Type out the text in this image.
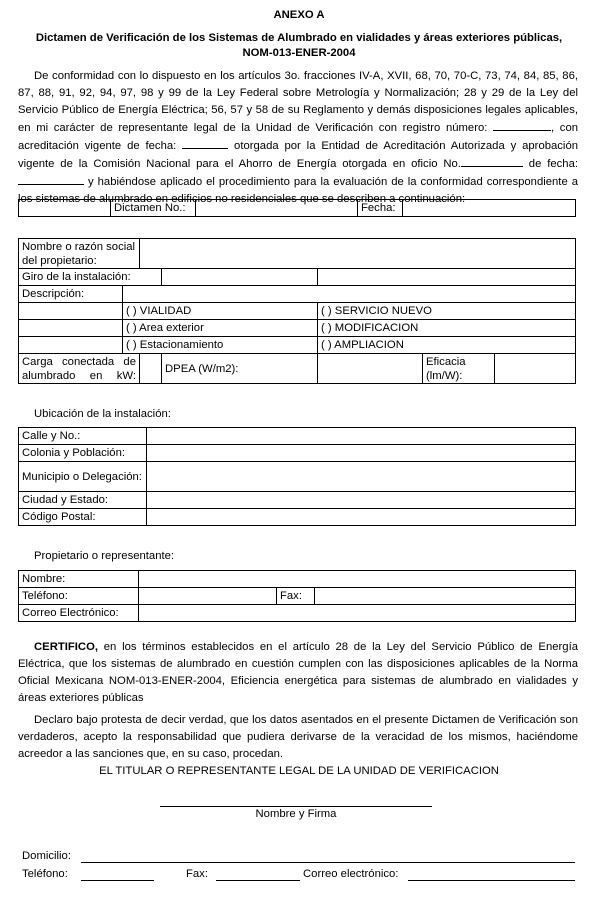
ANEXO A
Dictamen de Verificación de los Sistemas de Alumbrado en vialidades y áreas exteriores públicas,
NOM-013-ENER-2004
De conformidad con lo dispuesto en los artículos 3o. fracciones IV-A, XVII, 68, 70, 70-C, 73, 74, 84, 85, 86, 87, 88, 91, 92, 94, 97, 98 y 99 de la Ley Federal sobre Metrología y Normalización; 28 y 29 de la Ley del Servicio Público de Energía Eléctrica; 56, 57 y 58 de su Reglamento y demás disposiciones legales aplicables, en mi carácter de representante legal de la Unidad de Verificación con registro número:	, con acreditación vigente de fecha:	otorgada por la Entidad de Acreditación Autorizada y aprobación vigente de la Comisión Nacional para el Ahorro de Energía otorgada en oficio No.	de fecha: y habiéndose aplicado el procedimiento para la evaluación de la conformidad correspondiente a los sistemas de alumbrado en edificios no residenciales que se describen a continuación:
	Dictamen No.:		Fecha:	
Nombre o razón social del propietario:						
Giro de la instalación:						
Descripción:						
	( ) VIALIDAD			( ) SERVICIO NUEVO		
	( ) Area exterior			( ) MODIFICACION		
	( ) Estacionamiento			( ) AMPLIACION		
Carga conectada de alumbrado en kW:			DPEA (W/m2):		Eficacia (lm/W):	
Ubicación de la instalación:
Calle y No.:	
Colonia y Población:	
Municipio o Delegación:	
Ciudad y Estado:	
Código Postal:	
Propietario o representante:
Nombre:			
Teléfono:		Fax:	
Correo Electrónico:			
CERTIFICO, en los términos establecidos en el artículo 28 de la Ley del Servicio Público de Energía Eléctrica, que los sistemas de alumbrado en cuestión cumplen con las disposiciones aplicables de la Norma Oficial Mexicana NOM-013-ENER-2004, Eficiencia energética para sistemas de alumbrado en vialidades y áreas exteriores públicas
Declaro bajo protesta de decir verdad, que los datos asentados en el presente Dictamen de Verificación son verdaderos, acepto la responsabilidad que pudiera derivarse de la veracidad de los mismos, haciéndome acreedor a las sanciones que, en su caso, procedan.
EL TITULAR O REPRESENTANTE LEGAL DE LA UNIDAD DE VERIFICACION
Nombre y Firma
Domicilio:
Teléfono:	Fax:	Correo electrónico:
